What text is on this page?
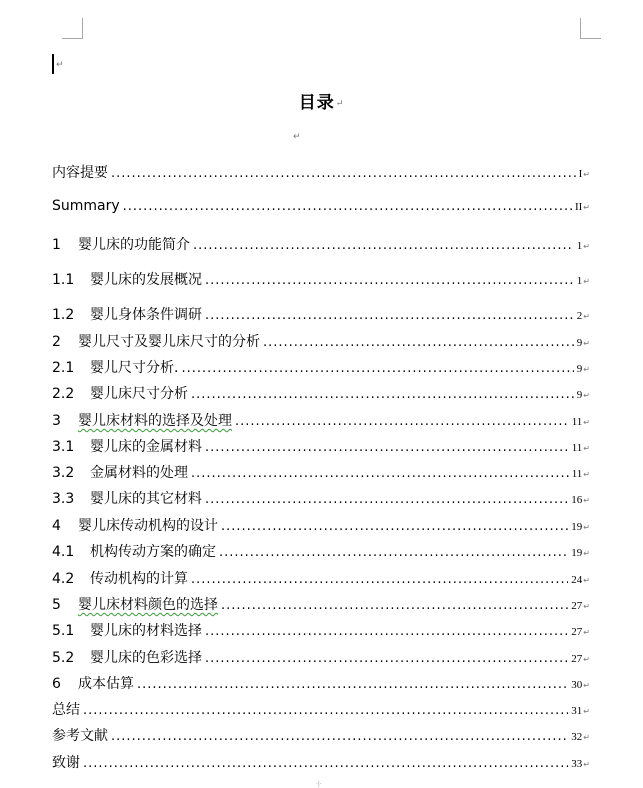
↵
目录↵
↵
内容提要 .....	I ↵
Summary .....	II ↵
1	婴儿床的功能简介 .....	1 ↵
1.1	婴儿床的发展概况 .....	1 ↵
1.2	婴儿身体条件调研 .....	2 ↵
2	婴儿尺寸及婴儿床尺寸的分析 .....	9 ↵
2.1	婴儿尺寸分析. .....	9 ↵
2.2	婴儿床尺寸分析 .....	9 ↵
3	婴儿床材料的选择及处理 .....	11 ↵
3.1	婴儿床的金属材料 .....	11 ↵
3.2	金属材料的处理 .....	11 ↵
3.3	婴儿床的其它材料 .....	16 ↵
4	婴儿床传动机构的设计 .....	19 ↵
4.1	机构传动方案的确定 .....	19 ↵
4.2	传动机构的计算 .....	24 ↵
5	婴儿床材料颜色的选择 .....	27 ↵
5.1	婴儿床的材料选择 .....	27 ↵
5.2	婴儿床的色彩选择 .....	27 ↵
6	成本估算 .....	30 ↵
总结 .....	31 ↵
参考文献 .....	32 ↵
致谢 .....	33 ↵
·|·
